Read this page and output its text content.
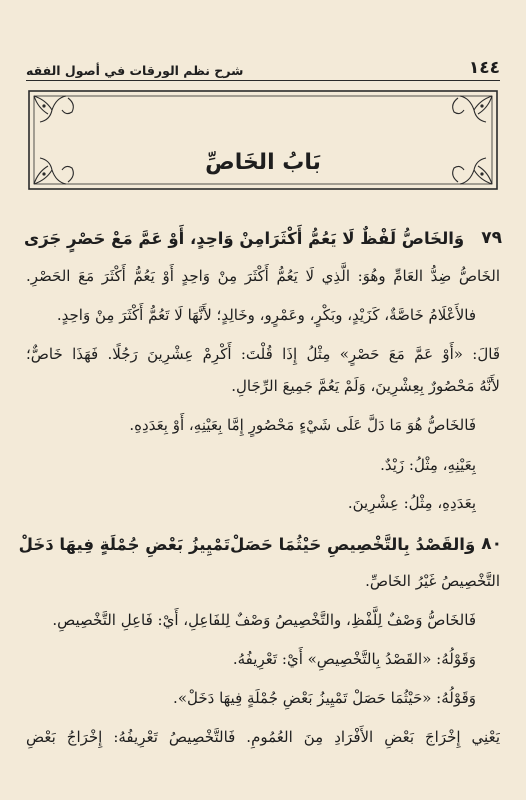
١٤٤
شرح نظم الورقات في أصول الفقه
بَابُ الخَاصِّ
٧٩
وَالخَاصُّ لَفْظٌ لَا يَعُمُّ أَكْثَرَا
مِنْ وَاحِدٍ، أَوْ عَمَّ مَعْ حَصْرٍ جَرَى
الخَاصُّ ضِدُّ العَامِّ وهُوَ: الَّذِي لَا يَعُمُّ أَكْثَرَ مِنْ وَاحِدٍ أَوْ يَعُمُّ أَكْثَرَ مَعَ الحَصْرِ.
فالأَعْلَامُ خَاصَّةٌ، كَزَيْدٍ، وبَكْرٍ، وعَمْرٍو، وخَالِدٍ؛ لأَنَّهَا لَا تَعُمُّ أَكْثَرَ مِنْ وَاحِدٍ.
قَالَ: «أَوْ عَمَّ مَعَ حَصْرٍ» مِثْلُ إِذَا قُلْتَ: أَكْرِمْ عِشْرِينَ رَجُلًا. فَهَذَا خَاصٌّ؛
لأَنَّهُ مَحْصُورٌ بِعِشْرِينَ، وَلَمْ يَعُمَّ جَمِيعَ الرِّجَالِ.
فَالخَاصُّ هُوَ مَا دَلَّ عَلَى شَيْءٍ مَحْصُورٍ إِمَّا بِعَيْنِهِ، أَوْ بِعَدَدِهِ.
بِعَيْنِهِ، مِثْلُ: زَيْدٌ.
بِعَدَدِهِ، مِثْلُ: عِشْرِينَ.
٨٠
وَالقَصْدُ بِالتَّخْصِيصِ حَيْثُمَا حَصَلْ
تَمْيِيزُ بَعْضِ جُمْلَةٍ فِيهَا دَخَلْ
التَّخْصِيصُ غَيْرُ الخَاصِّ.
فَالخَاصُّ وَصْفٌ لِلَّفْظِ، والتَّخْصِيصُ وَصْفٌ لِلفَاعِلِ، أَيْ: فَاعِلِ التَّخْصِيصِ.
وَقَوْلُهُ: «القَصْدُ بِالتَّخْصِيصِ» أَيْ: تَعْرِيفُهُ.
وَقَوْلُهُ: «حَيْثُمَا حَصَلْ تَمْيِيزُ بَعْضِ جُمْلَةٍ فِيهَا دَخَلْ».
يَعْنِي إِخْرَاجَ بَعْضِ الأَفْرَادِ مِنَ العُمُومِ. فَالتَّخْصِيصُ تَعْرِيفُهُ: إِخْرَاجُ بَعْضِ
